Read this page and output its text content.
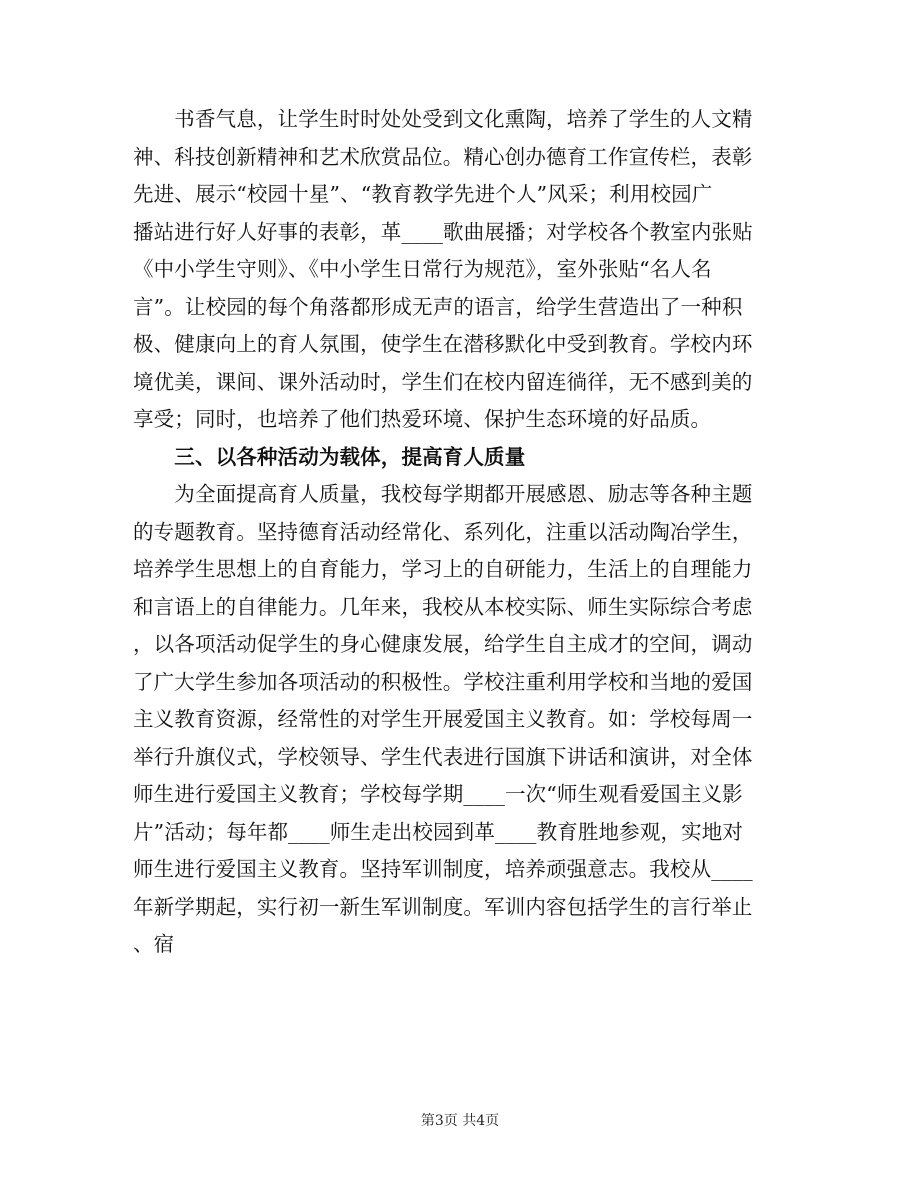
　　书香气息，让学生时时处处受到文化熏陶，培养了学生的人文精
神、科技创新精神和艺术欣赏品位。精心创办德育工作宣传栏，表彰
先进、展示“校园十星”、“教育教学先进个人”风采；利用校园广
播站进行好人好事的表彰，革____歌曲展播；对学校各个教室内张贴
《中小学生守则》、《中小学生日常行为规范》，室外张贴“名人名
言”。让校园的每个角落都形成无声的语言，给学生营造出了一种积
极、健康向上的育人氛围，使学生在潜移默化中受到教育。学校内环
境优美，课间、课外活动时，学生们在校内留连徜徉，无不感到美的
享受；同时，也培养了他们热爱环境、保护生态环境的好品质。
　　三、以各种活动为载体，提高育人质量
　　为全面提高育人质量，我校每学期都开展感恩、励志等各种主题
的专题教育。坚持德育活动经常化、系列化，注重以活动陶冶学生，
培养学生思想上的自育能力，学习上的自研能力，生活上的自理能力
和言语上的自律能力。几年来，我校从本校实际、师生实际综合考虑
，以各项活动促学生的身心健康发展，给学生自主成才的空间，调动
了广大学生参加各项活动的积极性。学校注重利用学校和当地的爱国
主义教育资源，经常性的对学生开展爱国主义教育。如：学校每周一
举行升旗仪式，学校领导、学生代表进行国旗下讲话和演讲，对全体
师生进行爱国主义教育；学校每学期____一次“师生观看爱国主义影
片”活动；每年都____师生走出校园到革____教育胜地参观，实地对
师生进行爱国主义教育。坚持军训制度，培养顽强意志。我校从____
年新学期起，实行初一新生军训制度。军训内容包括学生的言行举止
、宿
第3页 共4页
